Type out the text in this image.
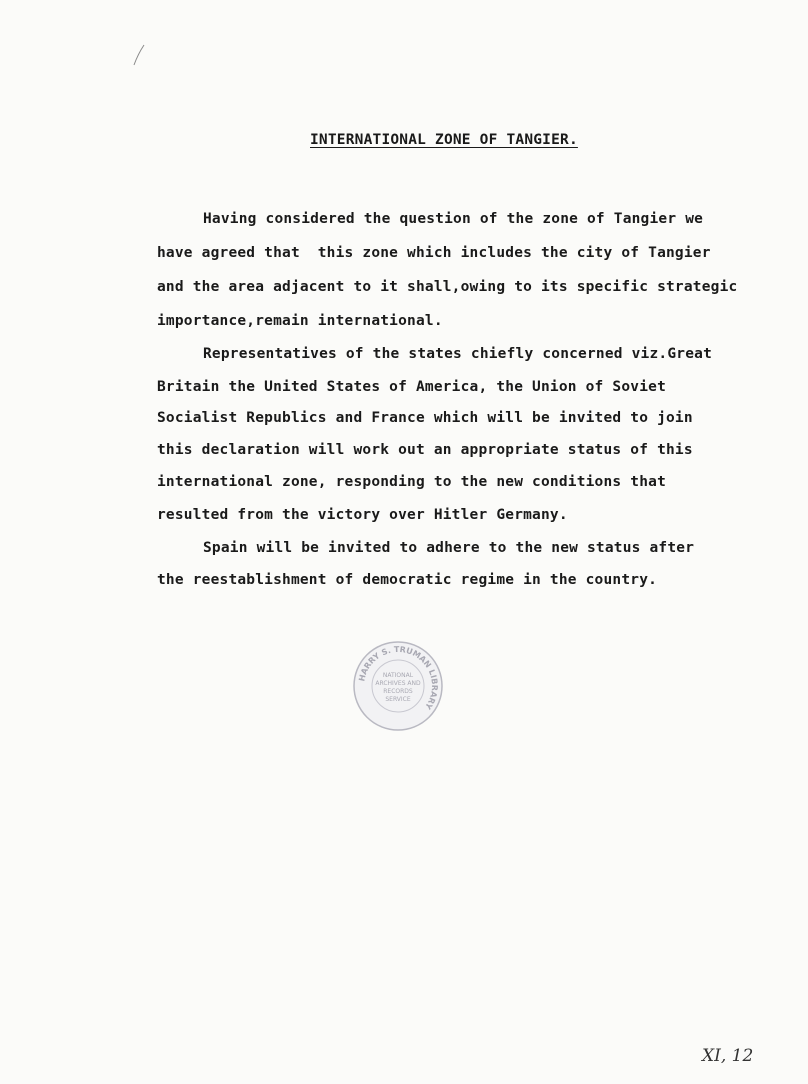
INTERNATIONAL ZONE OF TANGIER.
Having considered the question of the zone of Tangier we
have agreed that  this zone which includes the city of Tangier
and the area adjacent to it shall,owing to its specific strategic
importance,remain international.
Representatives of the states chiefly concerned viz.Great
Britain the United States of America, the Union of Soviet
Socialist Republics and France which will be invited to join
this declaration will work out an appropriate status of this
international zone, responding to the new conditions that
resulted from the victory over Hitler Germany.
Spain will be invited to adhere to the new status after
the reestablishment of democratic regime in the country.
HARRY S. TRUMAN LIBRARY
NATIONAL
ARCHIVES AND
RECORDS
SERVICE
XI, 12
